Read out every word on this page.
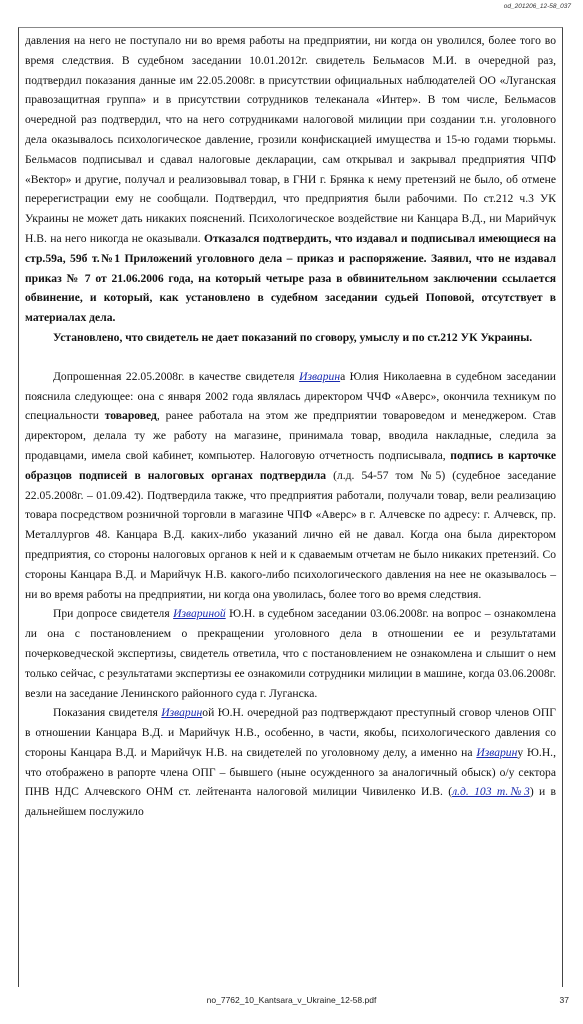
od_201206_12-58_037

давления на него не поступало ни во время работы на предприятии, ни когда он уволился, более того во время следствия. В судебном заседании 10.01.2012г. свидетель Бельмасов М.И. в очередной раз, подтвердил показания данные им 22.05.2008г. в присутствии официальных наблюдателей ОО «Луганская правозащитная группа» и в присутствии сотрудников телеканала «Интер». В том числе, Бельмасов очередной раз подтвердил, что на него сотрудниками налоговой милиции при создании т.н. уголовного дела оказывалось психологическое давление, грозили конфискацией имущества и 15-ю годами тюрьмы. Бельмасов подписывал и сдавал налоговые декларации, сам открывал и закрывал предприятия ЧПФ «Вектор» и другие, получал и реализовывал товар, в ГНИ г. Брянка к нему претензий не было, об отмене перерегистрации ему не сообщали. Подтвердил, что предприятия были рабочими. По ст.212 ч.3 УК Украины не может дать никаких пояснений. Психологическое воздействие ни Канцара В.Д., ни Марийчук Н.В. на него никогда не оказывали. Отказался подтвердить, что издавал и подписывал имеющиеся на стр.59а, 59б т.№1 Приложений уголовного дела – приказ и распоряжение. Заявил, что не издавал приказ № 7 от 21.06.2006 года, на который четыре раза в обвинительном заключении ссылается обвинение, и который, как установлено в судебном заседании судьей Поповой, отсутствует в материалах дела.

Установлено, что свидетель не дает показаний по сговору, умыслу и по ст.212 УК Украины.

Допрошенная 22.05.2008г. в качестве свидетеля Изварина Юлия Николаевна в судебном заседании пояснила следующее: она с января 2002 года являлась директором ЧЧФ «Аверс», окончила техникум по специальности товаровед, ранее работала на этом же предприятии товароведом и менеджером. Став директором, делала ту же работу на магазине, принимала товар, вводила накладные, следила за продавцами, имела свой кабинет, компьютер. Налоговую отчетность подписывала, подпись в карточке образцов подписей в налоговых органах подтвердила (л.д. 54-57 том №5) (судебное заседание 22.05.2008г. – 01.09.42). Подтвердила также, что предприятия работали, получали товар, вели реализацию товара посредством розничной торговли в магазине ЧПФ «Аверс» в г. Алчевске по адресу: г. Алчевск, пр. Металлургов 48. Канцара В.Д. каких-либо указаний лично ей не давал. Когда она была директором предприятия, со стороны налоговых органов к ней и к сдаваемым отчетам не было никаких претензий. Со стороны Канцара В.Д. и Марийчук Н.В. какого-либо психологического давления на нее не оказывалось – ни во время работы на предприятии, ни когда она уволилась, более того во время следствия.

При допросе свидетеля Извариной Ю.Н. в судебном заседании 03.06.2008г. на вопрос – ознакомлена ли она с постановлением о прекращении уголовного дела в отношении ее и результатами почерковедческой экспертизы, свидетель ответила, что с постановлением не ознакомлена и слышит о нем только сейчас, с результатами экспертизы ее ознакомили сотрудники милиции в машине, когда 03.06.2008г. везли на заседание Ленинского районного суда г. Луганска.

Показания свидетеля Извариной Ю.Н. очередной раз подтверждают преступный сговор членов ОПГ в отношении Канцара В.Д. и Марийчук Н.В., особенно, в части, якобы, психологического давления со стороны Канцара В.Д. и Марийчук Н.В. на свидетелей по уголовному делу, а именно на Изварину Ю.Н., что отображено в рапорте члена ОПГ – бывшего (ныне осужденного за аналогичный обыск) о/у сектора ПНВ НДС Алчевского ОНМ ст. лейтенанта налоговой милиции Чивиленко И.В. (л.д. 103 т.№3) и в дальнейшем послужило

no_7762_10_Kantsara_v_Ukraine_12-58.pdf	37
